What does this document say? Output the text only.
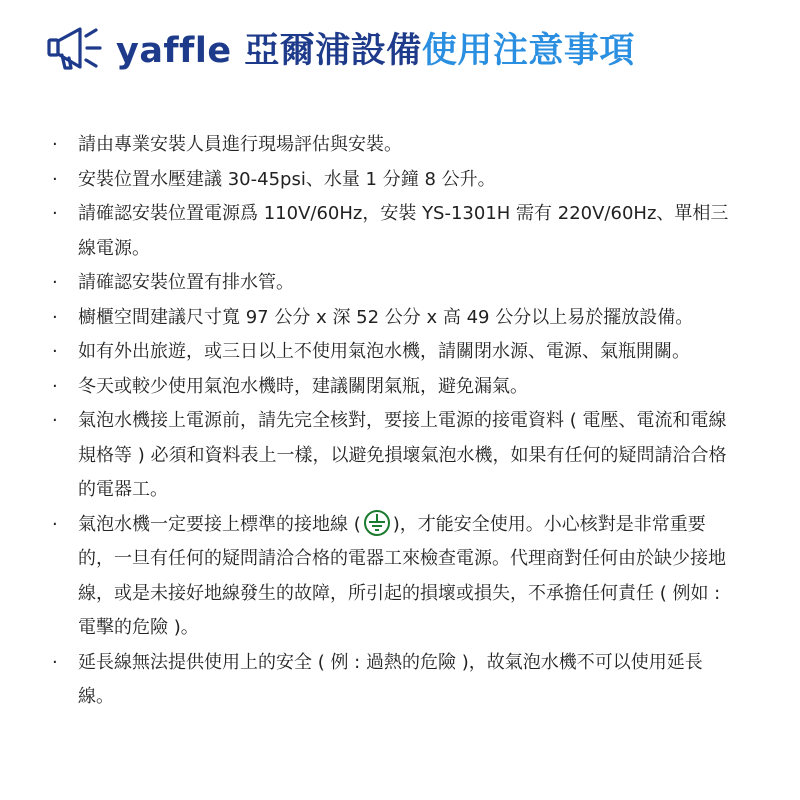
yaffle 亞爾浦設備使用注意事項
· 請由專業安裝人員進行現場評估與安裝。
· 安裝位置水壓建議 30-45psi、水量 1 分鐘 8 公升。
· 請確認安裝位置電源爲 110V/60Hz，安裝 YS-1301H 需有 220V/60Hz、單相三線電源。
· 請確認安裝位置有排水管。
· 櫥櫃空間建議尺寸寬 97 公分 x 深 52 公分 x 高 49 公分以上易於擺放設備。
· 如有外出旅遊，或三日以上不使用氣泡水機，請關閉水源、電源、氣瓶開關。
· 冬天或較少使用氣泡水機時，建議關閉氣瓶，避免漏氣。
· 氣泡水機接上電源前，請先完全核對，要接上電源的接電資料 ( 電壓、電流和電線規格等 ) 必須和資料表上一樣，以避免損壞氣泡水機，如果有任何的疑問請洽合格的電器工。
· 氣泡水機一定要接上標準的接地線 ( )，才能安全使用。小心核對是非常重要的，一旦有任何的疑問請洽合格的電器工來檢查電源。代理商對任何由於缺少接地線，或是未接好地線發生的故障，所引起的損壞或損失，不承擔任何責任 ( 例如 : 電擊的危險 )。
· 延長線無法提供使用上的安全 ( 例 : 過熱的危險 )，故氣泡水機不可以使用延長線。
